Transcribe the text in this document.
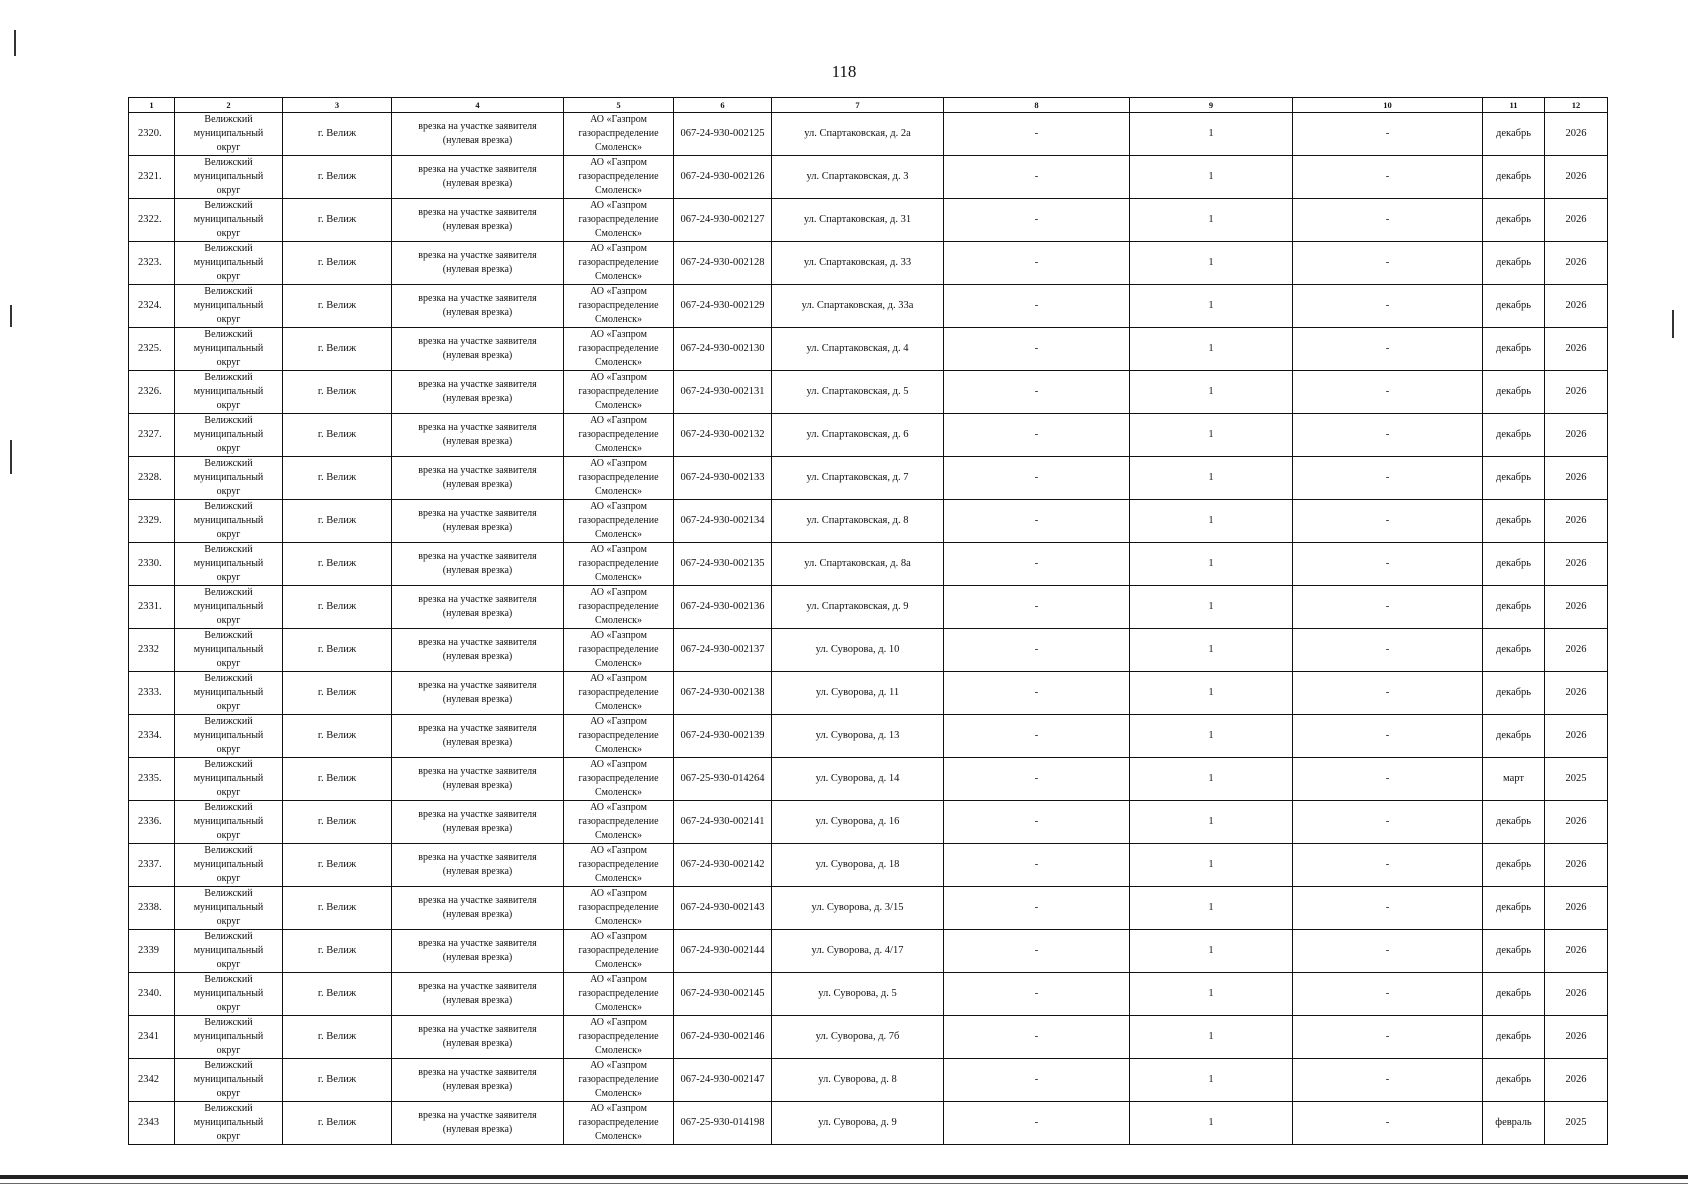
118
1	2	3	4	5	6	7	8	9	10	11	12
2320.	Велижский
муниципальный
округ	г. Велиж	врезка на участке заявителя
(нулевая врезка)	АО «Газпром
газораспределение
Смоленск»	067-24-930-002125	ул. Спартаковская, д. 2а	-	1	-	декабрь	2026
2321.	Велижский
муниципальный
округ	г. Велиж	врезка на участке заявителя
(нулевая врезка)	АО «Газпром
газораспределение
Смоленск»	067-24-930-002126	ул. Спартаковская, д. 3	-	1	-	декабрь	2026
2322.	Велижский
муниципальный
округ	г. Велиж	врезка на участке заявителя
(нулевая врезка)	АО «Газпром
газораспределение
Смоленск»	067-24-930-002127	ул. Спартаковская, д. 31	-	1	-	декабрь	2026
2323.	Велижский
муниципальный
округ	г. Велиж	врезка на участке заявителя
(нулевая врезка)	АО «Газпром
газораспределение
Смоленск»	067-24-930-002128	ул. Спартаковская, д. 33	-	1	-	декабрь	2026
2324.	Велижский
муниципальный
округ	г. Велиж	врезка на участке заявителя
(нулевая врезка)	АО «Газпром
газораспределение
Смоленск»	067-24-930-002129	ул. Спартаковская, д. 33а	-	1	-	декабрь	2026
2325.	Велижский
муниципальный
округ	г. Велиж	врезка на участке заявителя
(нулевая врезка)	АО «Газпром
газораспределение
Смоленск»	067-24-930-002130	ул. Спартаковская, д. 4	-	1	-	декабрь	2026
2326.	Велижский
муниципальный
округ	г. Велиж	врезка на участке заявителя
(нулевая врезка)	АО «Газпром
газораспределение
Смоленск»	067-24-930-002131	ул. Спартаковская, д. 5	-	1	-	декабрь	2026
2327.	Велижский
муниципальный
округ	г. Велиж	врезка на участке заявителя
(нулевая врезка)	АО «Газпром
газораспределение
Смоленск»	067-24-930-002132	ул. Спартаковская, д. 6	-	1	-	декабрь	2026
2328.	Велижский
муниципальный
округ	г. Велиж	врезка на участке заявителя
(нулевая врезка)	АО «Газпром
газораспределение
Смоленск»	067-24-930-002133	ул. Спартаковская, д. 7	-	1	-	декабрь	2026
2329.	Велижский
муниципальный
округ	г. Велиж	врезка на участке заявителя
(нулевая врезка)	АО «Газпром
газораспределение
Смоленск»	067-24-930-002134	ул. Спартаковская, д. 8	-	1	-	декабрь	2026
2330.	Велижский
муниципальный
округ	г. Велиж	врезка на участке заявителя
(нулевая врезка)	АО «Газпром
газораспределение
Смоленск»	067-24-930-002135	ул. Спартаковская, д. 8а	-	1	-	декабрь	2026
2331.	Велижский
муниципальный
округ	г. Велиж	врезка на участке заявителя
(нулевая врезка)	АО «Газпром
газораспределение
Смоленск»	067-24-930-002136	ул. Спартаковская, д. 9	-	1	-	декабрь	2026
2332	Велижский
муниципальный
округ	г. Велиж	врезка на участке заявителя
(нулевая врезка)	АО «Газпром
газораспределение
Смоленск»	067-24-930-002137	ул. Суворова, д. 10	-	1	-	декабрь	2026
2333.	Велижский
муниципальный
округ	г. Велиж	врезка на участке заявителя
(нулевая врезка)	АО «Газпром
газораспределение
Смоленск»	067-24-930-002138	ул. Суворова, д. 11	-	1	-	декабрь	2026
2334.	Велижский
муниципальный
округ	г. Велиж	врезка на участке заявителя
(нулевая врезка)	АО «Газпром
газораспределение
Смоленск»	067-24-930-002139	ул. Суворова, д. 13	-	1	-	декабрь	2026
2335.	Велижский
муниципальный
округ	г. Велиж	врезка на участке заявителя
(нулевая врезка)	АО «Газпром
газораспределение
Смоленск»	067-25-930-014264	ул. Суворова, д. 14	-	1	-	март	2025
2336.	Велижский
муниципальный
округ	г. Велиж	врезка на участке заявителя
(нулевая врезка)	АО «Газпром
газораспределение
Смоленск»	067-24-930-002141	ул. Суворова, д. 16	-	1	-	декабрь	2026
2337.	Велижский
муниципальный
округ	г. Велиж	врезка на участке заявителя
(нулевая врезка)	АО «Газпром
газораспределение
Смоленск»	067-24-930-002142	ул. Суворова, д. 18	-	1	-	декабрь	2026
2338.	Велижский
муниципальный
округ	г. Велиж	врезка на участке заявителя
(нулевая врезка)	АО «Газпром
газораспределение
Смоленск»	067-24-930-002143	ул. Суворова, д. 3/15	-	1	-	декабрь	2026
2339	Велижский
муниципальный
округ	г. Велиж	врезка на участке заявителя
(нулевая врезка)	АО «Газпром
газораспределение
Смоленск»	067-24-930-002144	ул. Суворова, д. 4/17	-	1	-	декабрь	2026
2340.	Велижский
муниципальный
округ	г. Велиж	врезка на участке заявителя
(нулевая врезка)	АО «Газпром
газораспределение
Смоленск»	067-24-930-002145	ул. Суворова, д. 5	-	1	-	декабрь	2026
2341	Велижский
муниципальный
округ	г. Велиж	врезка на участке заявителя
(нулевая врезка)	АО «Газпром
газораспределение
Смоленск»	067-24-930-002146	ул. Суворова, д. 7б	-	1	-	декабрь	2026
2342	Велижский
муниципальный
округ	г. Велиж	врезка на участке заявителя
(нулевая врезка)	АО «Газпром
газораспределение
Смоленск»	067-24-930-002147	ул. Суворова, д. 8	-	1	-	декабрь	2026
2343	Велижский
муниципальный
округ	г. Велиж	врезка на участке заявителя
(нулевая врезка)	АО «Газпром
газораспределение
Смоленск»	067-25-930-014198	ул. Суворова, д. 9	-	1	-	февраль	2025
